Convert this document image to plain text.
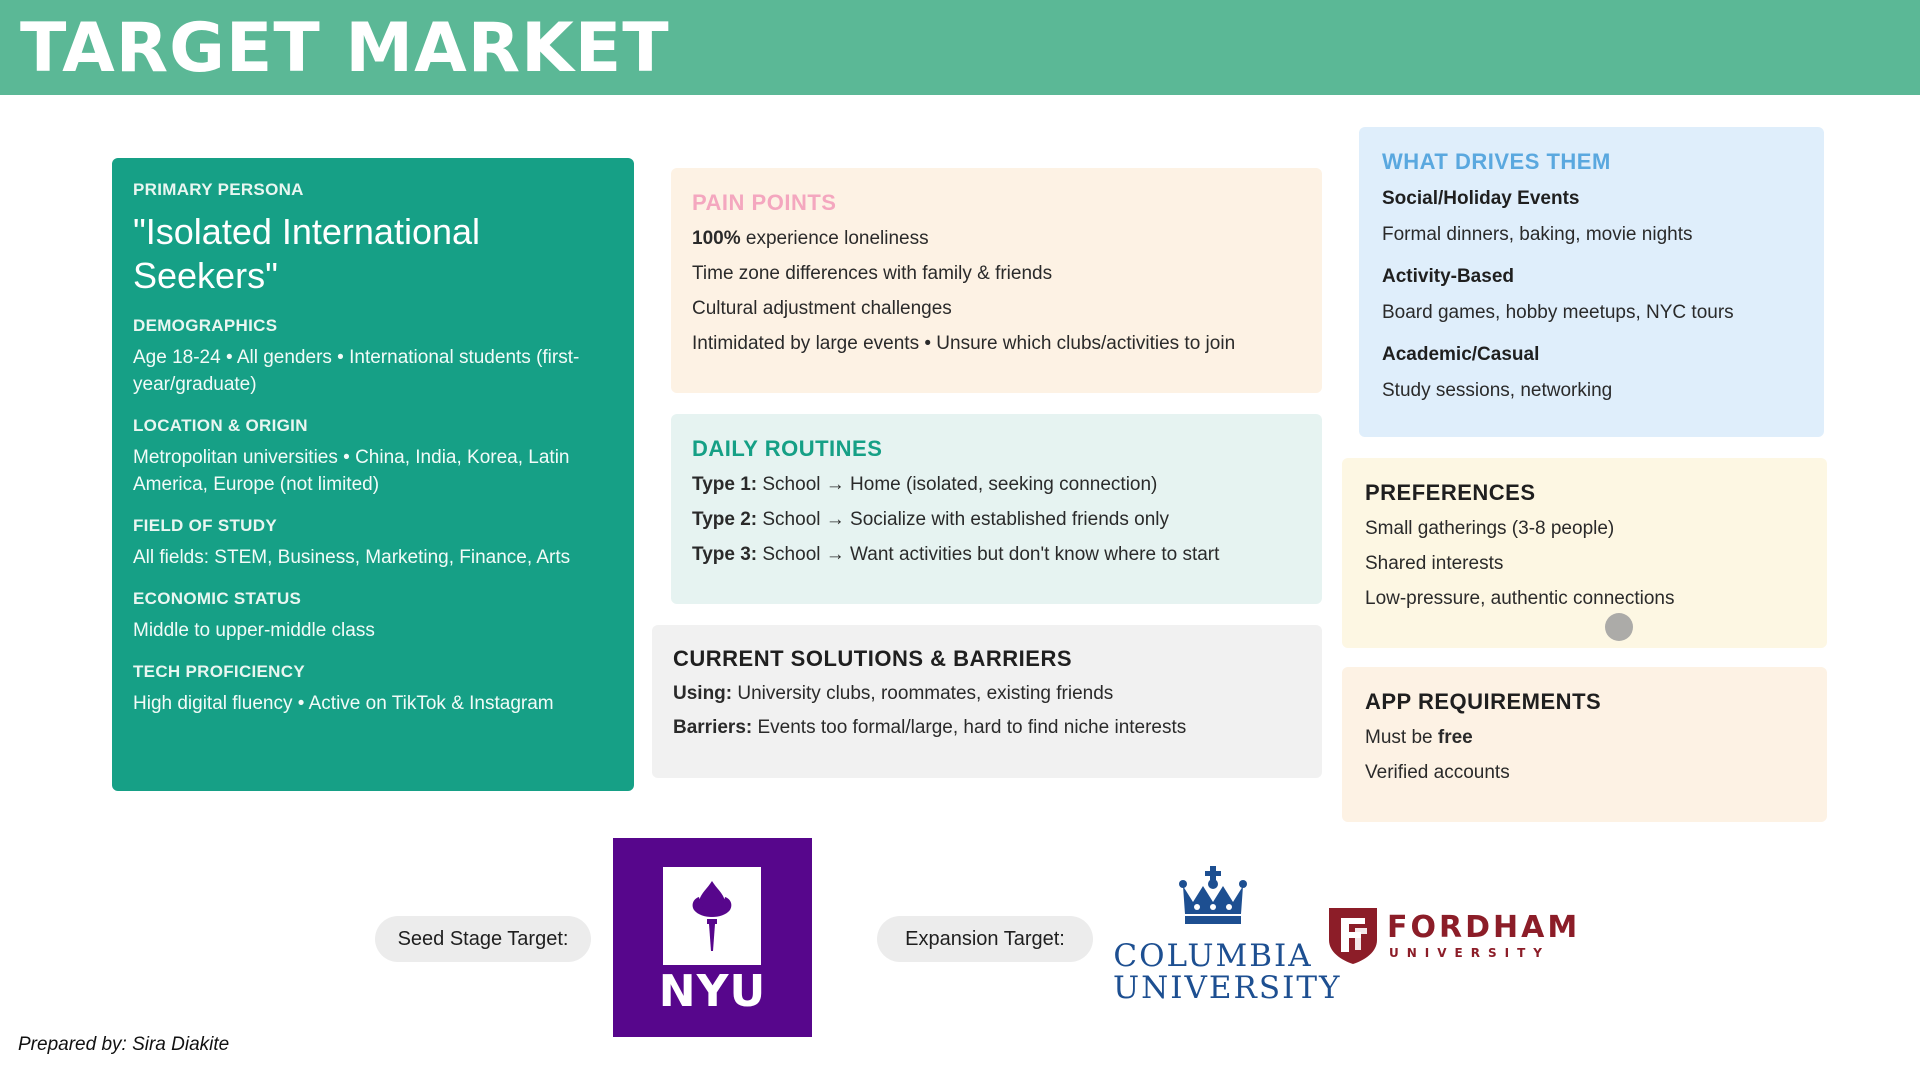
TARGET MARKET
PRIMARY PERSONA
"Isolated International Seekers"
DEMOGRAPHICS
Age 18-24 • All genders • International students (first-year/graduate)
LOCATION & ORIGIN
Metropolitan universities • China, India, Korea, Latin America, Europe (not limited)
FIELD OF STUDY
All fields: STEM, Business, Marketing, Finance, Arts
ECONOMIC STATUS
Middle to upper-middle class
TECH PROFICIENCY
High digital fluency • Active on TikTok & Instagram
PAIN POINTS
100% experience loneliness
Time zone differences with family & friends
Cultural adjustment challenges
Intimidated by large events • Unsure which clubs/activities to join
DAILY ROUTINES
Type 1: School → Home (isolated, seeking connection)
Type 2: School → Socialize with established friends only
Type 3: School → Want activities but don't know where to start
CURRENT SOLUTIONS & BARRIERS
Using: University clubs, roommates, existing friends
Barriers: Events too formal/large, hard to find niche interests
WHAT DRIVES THEM
Social/Holiday Events
Formal dinners, baking, movie nights
Activity-Based
Board games, hobby meetups, NYC tours
Academic/Casual
Study sessions, networking
PREFERENCES
Small gatherings (3-8 people)
Shared interests
Low-pressure, authentic connections
APP REQUIREMENTS
Must be free
Verified accounts
Seed Stage Target:
NYU
Expansion Target:	COLUMBIA
UNIVERSITY
FORDHAM
UNIVERSITY
Prepared by: Sira Diakite
